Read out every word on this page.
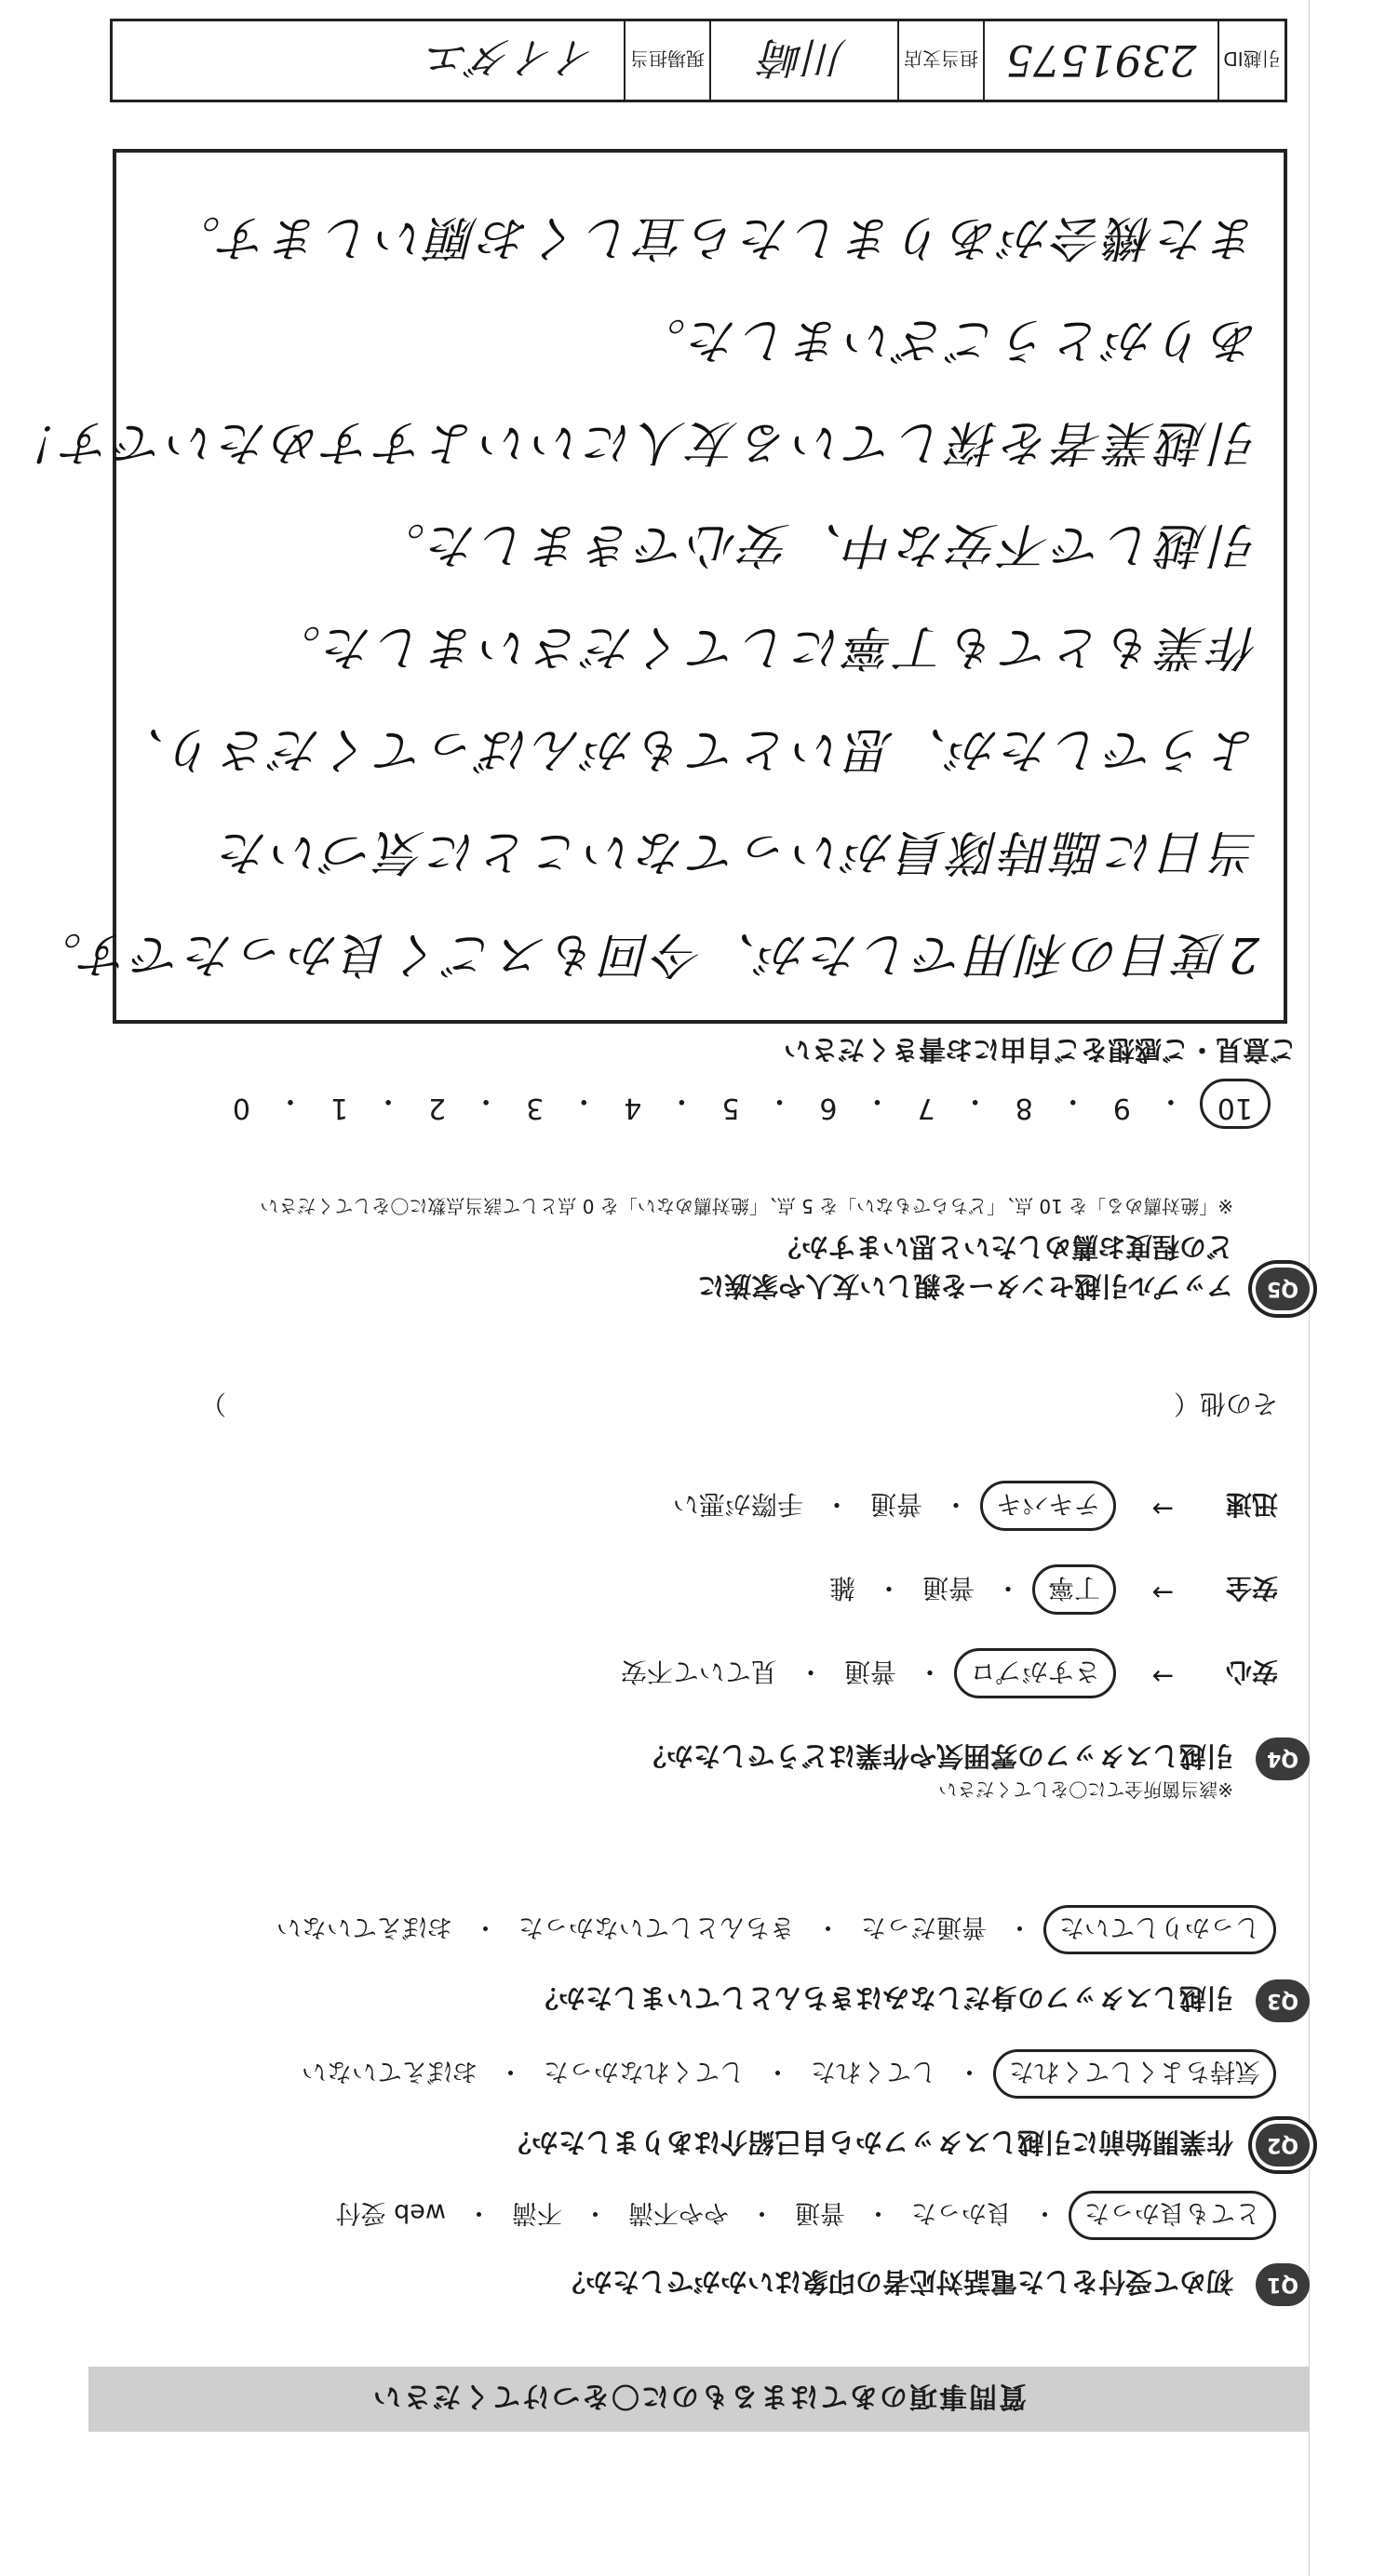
質問事項のあてはまるものに〇をつけてください
Q1
初めて受付をした電話対応者の印象はいかがでしたか？
とても良かった
・
良かった
・
普通
・
やや不満
・
不満
・
web 受付
Q2
作業開始前に引越しスタッフから自己紹介はありましたか？
気持ちよくしてくれた
・
してくれた
・
してくれなかった
・
おぼえていない
Q3
引越しスタッフの身だしなみはきちんとしていましたか？
しっかりしていた
・
普通だった
・
きちんとしていなかった
・
おぼえていない
Q4
引越しスタッフの雰囲気や作業はどうでしたか？
※該当箇所全てに〇をしてください
安心
→
さすがプロ
・
普通
・
見ていて不安
安全
→
丁寧
・
普通
・
雑
迅速
→
テキパキ
・
普通
・
手際が悪い
その他（  ）
Q5
アップル引越センターを親しい友人や家族に
どの程度お薦めしたいと思いますか？
※「絶対薦める」を 10 点、「どちらでもない」を 5 点、「絶対薦めない」を 0 点として該当点数に〇をしてください
10
・
9
・
8
・
7
・
6
・
5
・
4
・
3
・
2
・
1
・
0
ご意見・ご感想をご自由にお書きください
2度目の利用でしたが、今回もスごく良かったです。
当日に臨時隊員がいってないことに気づいた
ようでしたが、思いとてもがんばってくださり、
作業もとても丁寧にしてくださいました。
引越しで不安な中、安心できました。
引越業者を探している友人にいいよすすめたいです！
ありがとうございました。
また機会がありましたら宜しくお願いします。
引越ID
2391575
担当支店
川崎
現場担当
イイダエ
